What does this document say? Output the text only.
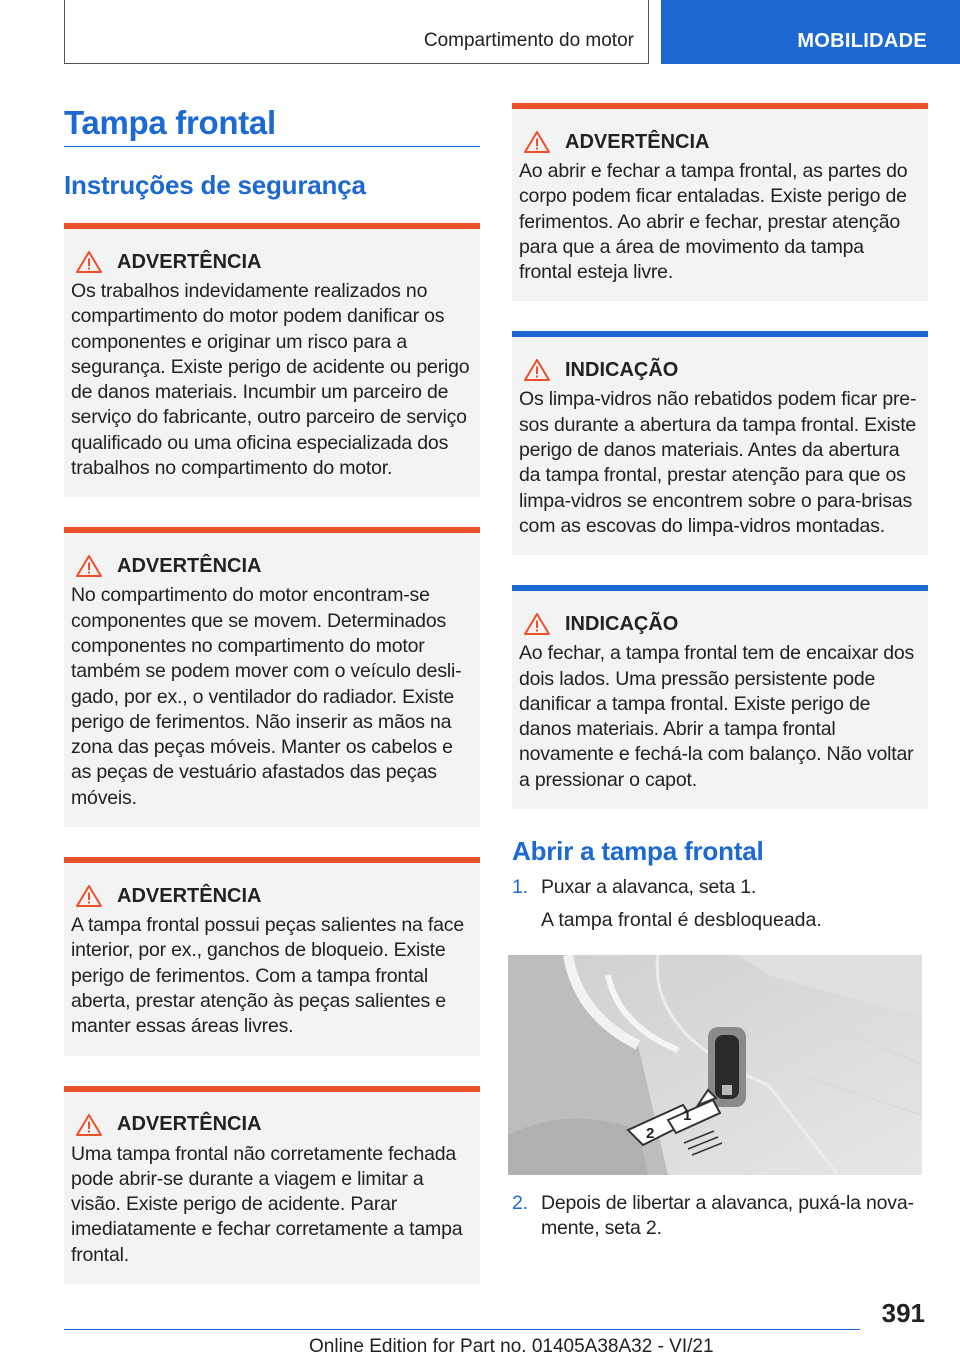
Compartimento do motor	MOBILIDADE
Tampa frontal
Instruções de segurança
ADVERTÊNCIA
Os trabalhos indevidamente realizados no compartimento do motor podem danificar os componentes e originar um risco para a segurança. Existe perigo de acidente ou perigo de danos materiais. Incumbir um parceiro de serviço do fabricante, outro parceiro de serviço qualificado ou uma oficina especializada dos trabalhos no compartimento do motor.
ADVERTÊNCIA
No compartimento do motor encontram-se componentes que se movem. Determinados componentes no compartimento do motor também se podem mover com o veículo desligado, por ex., o ventilador do radiador. Existe perigo de ferimentos. Não inserir as mãos na zona das peças móveis. Manter os cabelos e as peças de vestuário afastados das peças móveis.
ADVERTÊNCIA
A tampa frontal possui peças salientes na face interior, por ex., ganchos de bloqueio. Existe perigo de ferimentos. Com a tampa frontal aberta, prestar atenção às peças salientes e manter essas áreas livres.
ADVERTÊNCIA
Uma tampa frontal não corretamente fechada pode abrir-se durante a viagem e limitar a visão. Existe perigo de acidente. Parar imediatamente e fechar corretamente a tampa frontal.
ADVERTÊNCIA
Ao abrir e fechar a tampa frontal, as partes do corpo podem ficar entaladas. Existe perigo de ferimentos. Ao abrir e fechar, prestar atenção para que a área de movimento da tampa frontal esteja livre.
INDICAÇÃO
Os limpa-vidros não rebatidos podem ficar presos durante a abertura da tampa frontal. Existe perigo de danos materiais. Antes da abertura da tampa frontal, prestar atenção para que os limpa-vidros se encontrem sobre o para-brisas com as escovas do limpa-vidros montadas.
INDICAÇÃO
Ao fechar, a tampa frontal tem de encaixar dos dois lados. Uma pressão persistente pode danificar a tampa frontal. Existe perigo de danos materiais. Abrir a tampa frontal novamente e fechá-la com balanço. Não voltar a pressionar o capot.
Abrir a tampa frontal
1. Puxar a alavanca, seta 1.
A tampa frontal é desbloqueada.
2
1
2. Depois de libertar a alavanca, puxá-la novamente, seta 2.
391
Online Edition for Part no. 01405A38A32 - VI/21
